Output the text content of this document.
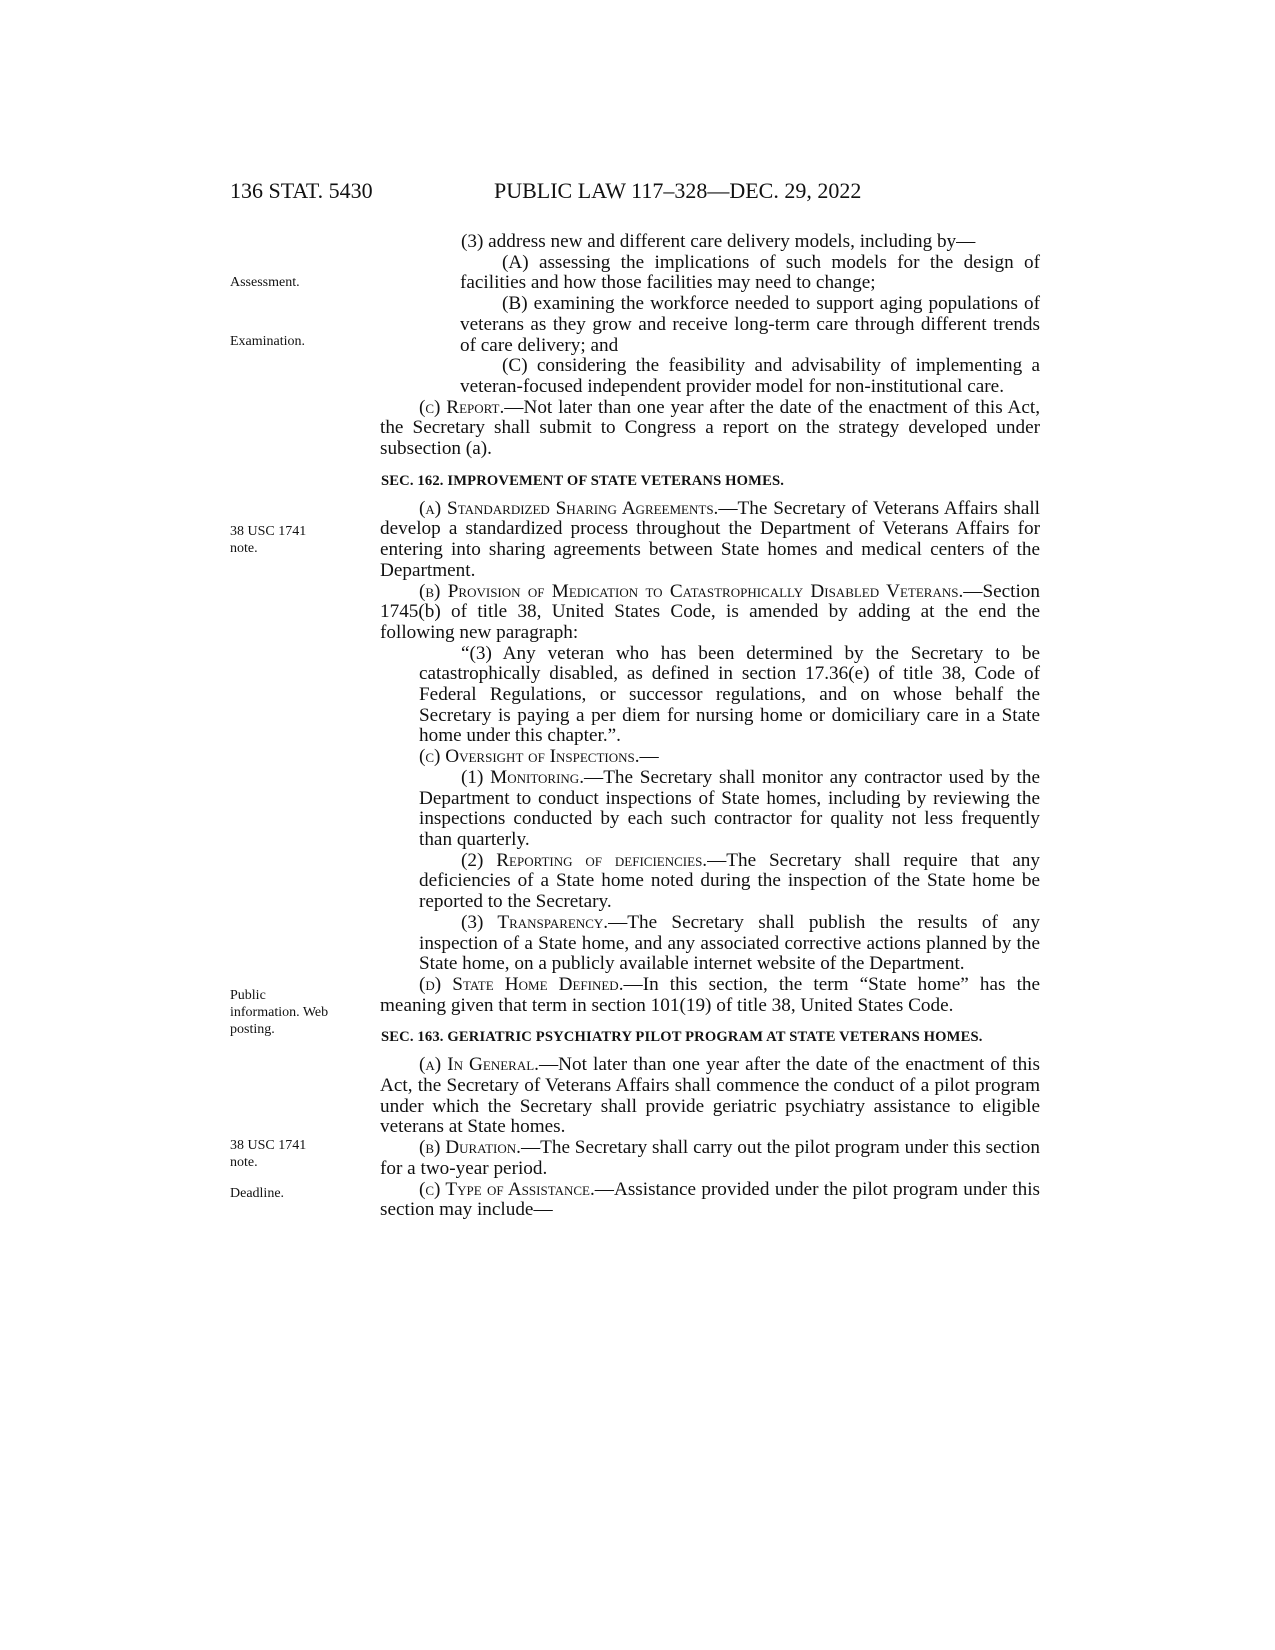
136 STAT. 5430	PUBLIC LAW 117–328—DEC. 29, 2022
Assessment.
Examination.
38 USC 1741 note.
Public information. Web posting.
38 USC 1741 note.
Deadline.

(3) address new and different care delivery models, including by—

(A) assessing the implications of such models for the design of facilities and how those facilities may need to change;

(B) examining the workforce needed to support aging populations of veterans as they grow and receive long-term care through different trends of care delivery; and

(C) considering the feasibility and advisability of implementing a veteran-focused independent provider model for non-institutional care.

(c) Report.—Not later than one year after the date of the enactment of this Act, the Secretary shall submit to Congress a report on the strategy developed under subsection (a).

SEC. 162. IMPROVEMENT OF STATE VETERANS HOMES.

(a) Standardized Sharing Agreements.—The Secretary of Veterans Affairs shall develop a standardized process throughout the Department of Veterans Affairs for entering into sharing agreements between State homes and medical centers of the Department.

(b) Provision of Medication to Catastrophically Disabled Veterans.—Section 1745(b) of title 38, United States Code, is amended by adding at the end the following new paragraph:

“(3) Any veteran who has been determined by the Secretary to be catastrophically disabled, as defined in section 17.36(e) of title 38, Code of Federal Regulations, or successor regulations, and on whose behalf the Secretary is paying a per diem for nursing home or domiciliary care in a State home under this chapter.”.

(c) Oversight of Inspections.—

(1) Monitoring.—The Secretary shall monitor any contractor used by the Department to conduct inspections of State homes, including by reviewing the inspections conducted by each such contractor for quality not less frequently than quarterly.

(2) Reporting of deficiencies.—The Secretary shall require that any deficiencies of a State home noted during the inspection of the State home be reported to the Secretary.

(3) Transparency.—The Secretary shall publish the results of any inspection of a State home, and any associated corrective actions planned by the State home, on a publicly available internet website of the Department.

(d) State Home Defined.—In this section, the term “State home” has the meaning given that term in section 101(19) of title 38, United States Code.

SEC. 163. GERIATRIC PSYCHIATRY PILOT PROGRAM AT STATE VETERANS HOMES.

(a) In General.—Not later than one year after the date of the enactment of this Act, the Secretary of Veterans Affairs shall commence the conduct of a pilot program under which the Secretary shall provide geriatric psychiatry assistance to eligible veterans at State homes.

(b) Duration.—The Secretary shall carry out the pilot program under this section for a two-year period.

(c) Type of Assistance.—Assistance provided under the pilot program under this section may include—
